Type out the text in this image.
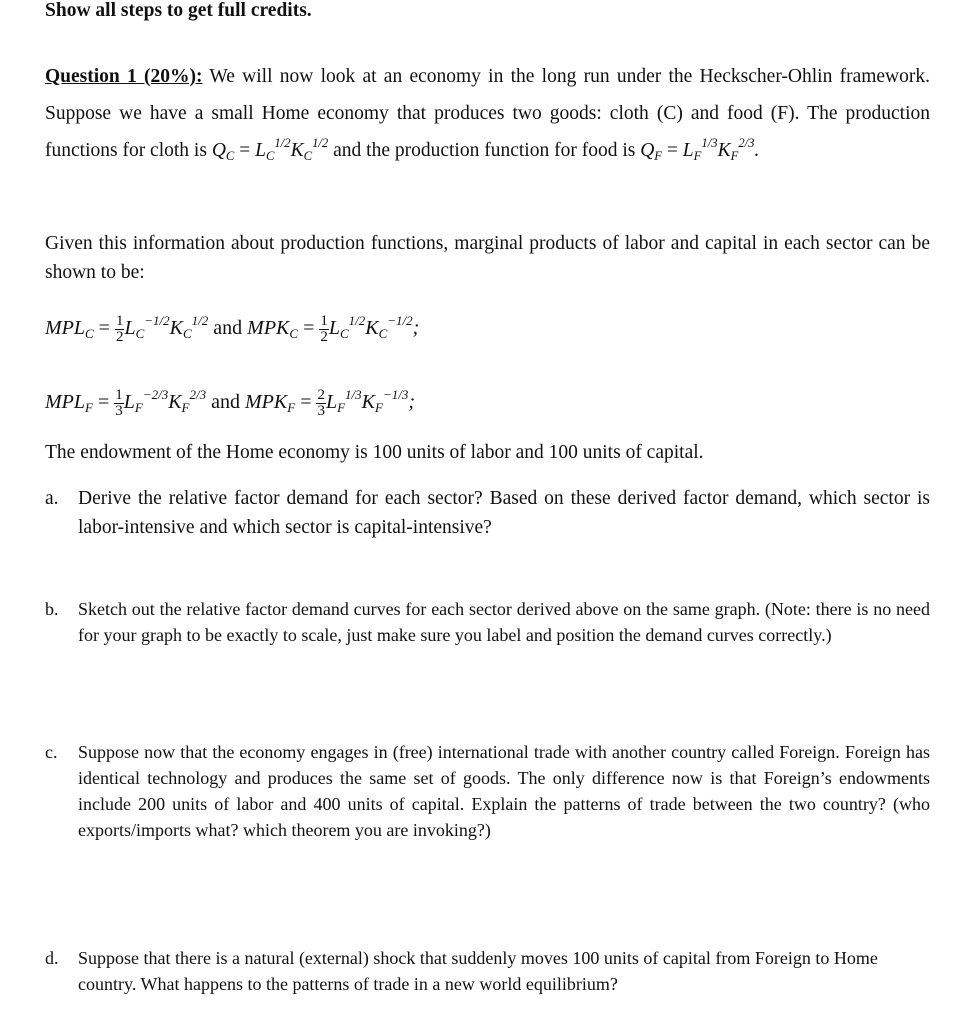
Show all steps to get full credits.
Question 1 (20%): We will now look at an economy in the long run under the Heckscher-Ohlin framework. Suppose we have a small Home economy that produces two goods: cloth (C) and food (F). The production functions for cloth is QC = $LC^{1/2}KC^{1/2}$ and the production function for food is QF = $LF^{1/3}KF^{2/3}$.
Given this information about production functions, marginal products of labor and capital in each sector can be shown to be:
MPLC = $\frac{1}{2} LC^{-1/2}KC^{1/2}$ and MPKC = $\frac{1}{2} LC^{1/2}KC^{-1/2}$;
MPLF = $\frac{1}{3} LF^{-2/3}KF^{2/3}$ and MPKF = $\frac{2}{3} LF^{1/3}KF^{-1/3}$;
The endowment of the Home economy is 100 units of labor and 100 units of capital.
a. Derive the relative factor demand for each sector? Based on these derived factor demand, which sector is labor-intensive and which sector is capital-intensive?
b.	Sketch out the relative factor demand curves for each sector derived above on the same graph. (Note: there is no need for your graph to be exactly to scale, just make sure you label and position the demand curves correctly.)
c.	Suppose now that the economy engages in (free) international trade with another country called Foreign. Foreign has identical technology and produces the same set of goods. The only difference now is that Foreign’s endowments include 200 units of labor and 400 units of capital. Explain the patterns of trade between the two country? (who exports/imports what? which theorem you are invoking?)
d.	Suppose that there is a natural (external) shock that suddenly moves 100 units of capital from Foreign to Home country. What happens to the patterns of trade in a new world equilibrium?
